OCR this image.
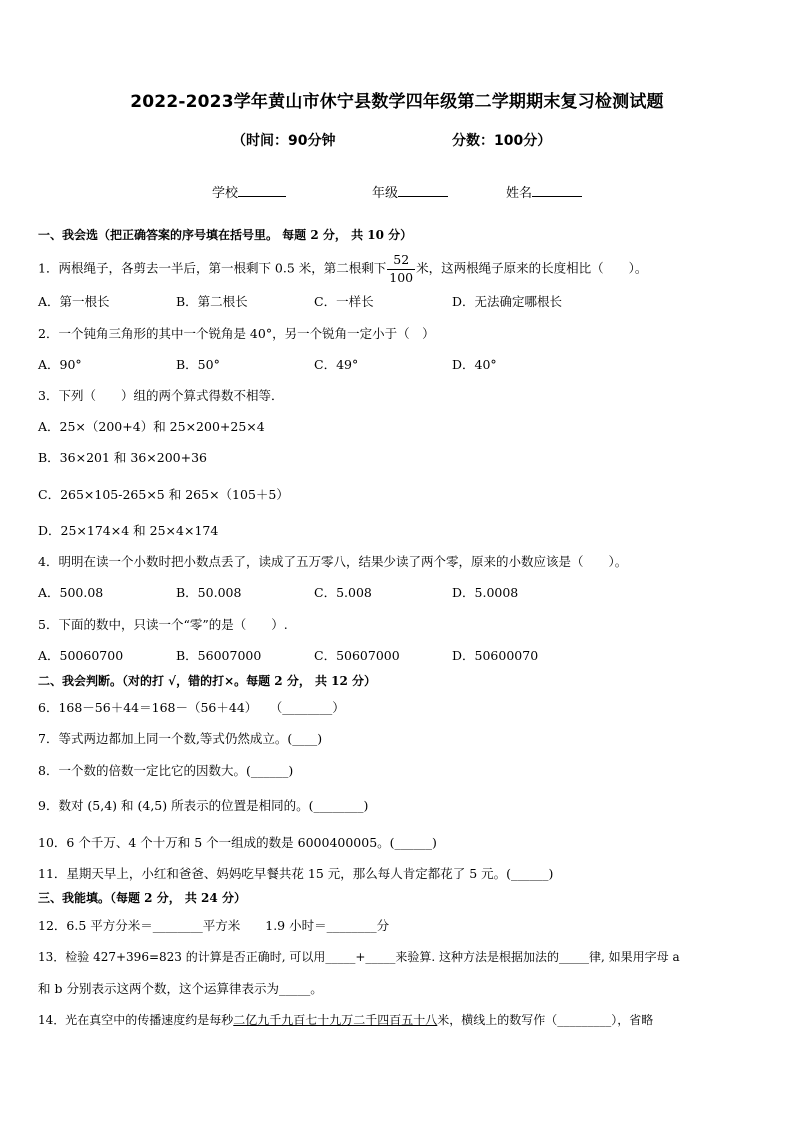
2022-2023学年黄山市休宁县数学四年级第二学期期末复习检测试题
（时间：90分钟	分数：100分）
学校	年级	姓名
一、我会选（把正确答案的序号填在括号里。 每题 2 分， 共 10 分）
1．两根绳子，各剪去一半后，第一根剩下 0.5 米，第二根剩下 $\frac{52}{100}$ 米，这两根绳子原来的长度相比（　　）。
A．第一根长	B．第二根长	C．一样长	D．无法确定哪根长
2．一个钝角三角形的其中一个锐角是 40°，另一个锐角一定小于（　）
A．90°	B．50°	C．49°	D．40°
3．下列（　　）组的两个算式得数不相等．
A．25×（200+4）和 25×200+25×4
B．36×201 和 36×200+36
C．265×105-265×5 和 265×（105＋5）
D．25×174×4 和 25×4×174
4．明明在读一个小数时把小数点丢了，读成了五万零八，结果少读了两个零，原来的小数应该是（　　）。
A．500.08	B．50.008	C．5.008	D．5.0008
5．下面的数中，只读一个“零”的是（　　）.
A．50060700	B．56007000	C．50607000	D．50600070
二、我会判断。（对的打 √，错的打×。每题 2 分， 共 12 分）
6．168－56＋44＝168－（56＋44）　　（________）
7．等式两边都加上同一个数,等式仍然成立。(____)
8．一个数的倍数一定比它的因数大。(______)
9．数对 (5,4) 和 (4,5) 所表示的位置是相同的。(________)
10．6 个千万、4 个十万和 5 个一组成的数是 6000400005。(______)
11．星期天早上，小红和爸爸、妈妈吃早餐共花 15 元，那么每人肯定都花了 5 元。(______)
三、我能填。（每题 2 分， 共 24 分）
12．6.5 平方分米＝________平方米　　1.9 小时＝________分
13．检验 427+396=823 的计算是否正确时, 可以用_____+_____来验算. 这种方法是根据加法的_____律, 如果用字母 a
和 b 分别表示这两个数，这个运算律表示为_____。
14．光在真空中的传播速度约是每秒二亿九千九百七十九万二千四百五十八米，横线上的数写作（_________），省略
